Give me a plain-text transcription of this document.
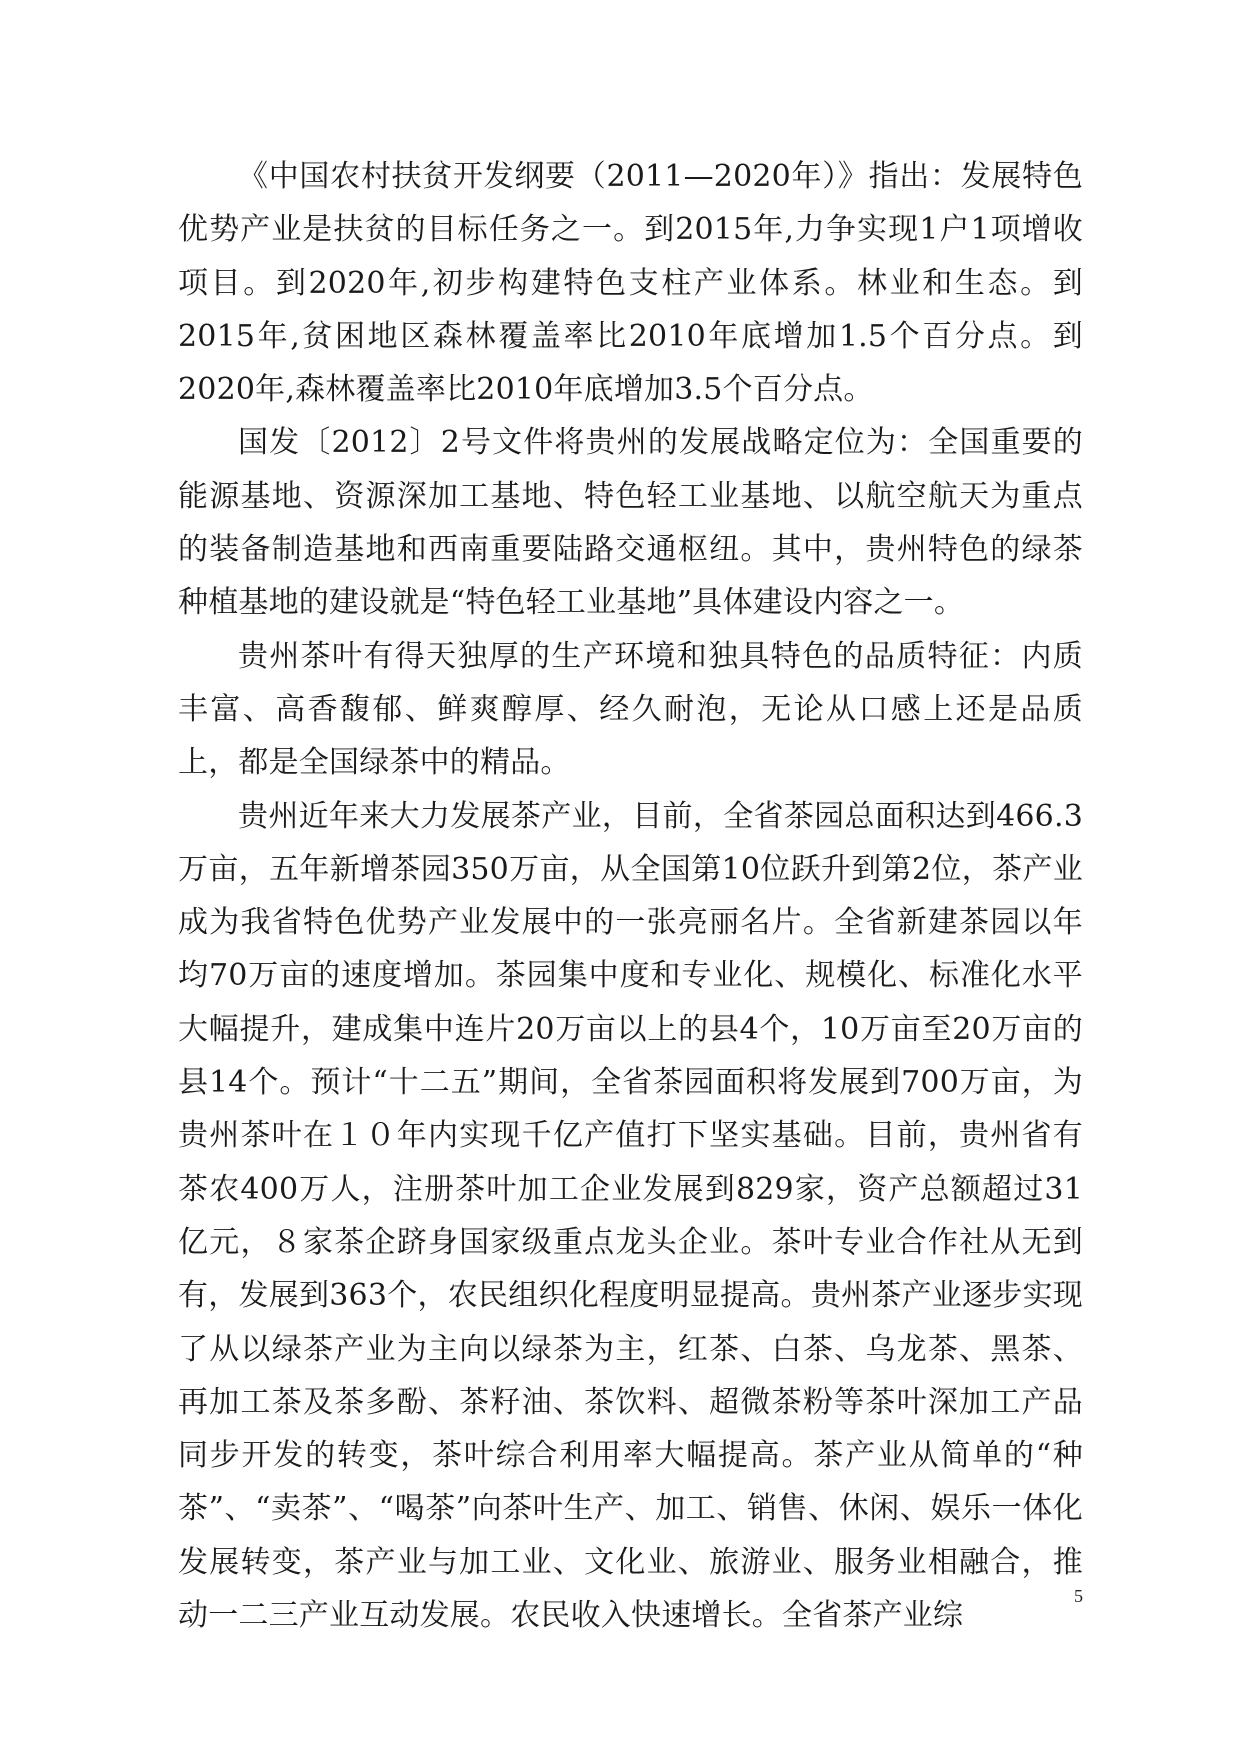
《中国农村扶贫开发纲要（2011—2020年）》指出：发展特色优势产业是扶贫的目标任务之一。到2015年,力争实现1户1项增收项目。到2020年,初步构建特色支柱产业体系。林业和生态。到2015年,贫困地区森林覆盖率比2010年底增加1.5个百分点。到2020年,森林覆盖率比2010年底增加3.5个百分点。

国发〔2012〕2号文件将贵州的发展战略定位为：全国重要的能源基地、资源深加工基地、特色轻工业基地、以航空航天为重点的装备制造基地和西南重要陆路交通枢纽。其中，贵州特色的绿茶种植基地的建设就是“特色轻工业基地”具体建设内容之一。

贵州茶叶有得天独厚的生产环境和独具特色的品质特征：内质丰富、高香馥郁、鲜爽醇厚、经久耐泡，无论从口感上还是品质上，都是全国绿茶中的精品。

贵州近年来大力发展茶产业，目前，全省茶园总面积达到466.3万亩，五年新增茶园350万亩，从全国第10位跃升到第2位，茶产业成为我省特色优势产业发展中的一张亮丽名片。全省新建茶园以年均70万亩的速度增加。茶园集中度和专业化、规模化、标准化水平大幅提升，建成集中连片20万亩以上的县4个，10万亩至20万亩的县14个。预计“十二五”期间，全省茶园面积将发展到700万亩，为贵州茶叶在１０年内实现千亿产值打下坚实基础。目前，贵州省有茶农400万人，注册茶叶加工企业发展到829家，资产总额超过31亿元，８家茶企跻身国家级重点龙头企业。茶叶专业合作社从无到有，发展到363个，农民组织化程度明显提高。贵州茶产业逐步实现了从以绿茶产业为主向以绿茶为主，红茶、白茶、乌龙茶、黑茶、再加工茶及茶多酚、茶籽油、茶饮料、超微茶粉等茶叶深加工产品同步开发的转变，茶叶综合利用率大幅提高。茶产业从简单的“种茶”、“卖茶”、“喝茶”向茶叶生产、加工、销售、休闲、娱乐一体化发展转变，茶产业与加工业、文化业、旅游业、服务业相融合，推动一二三产业互动发展。农民收入快速增长。全省茶产业综

5
